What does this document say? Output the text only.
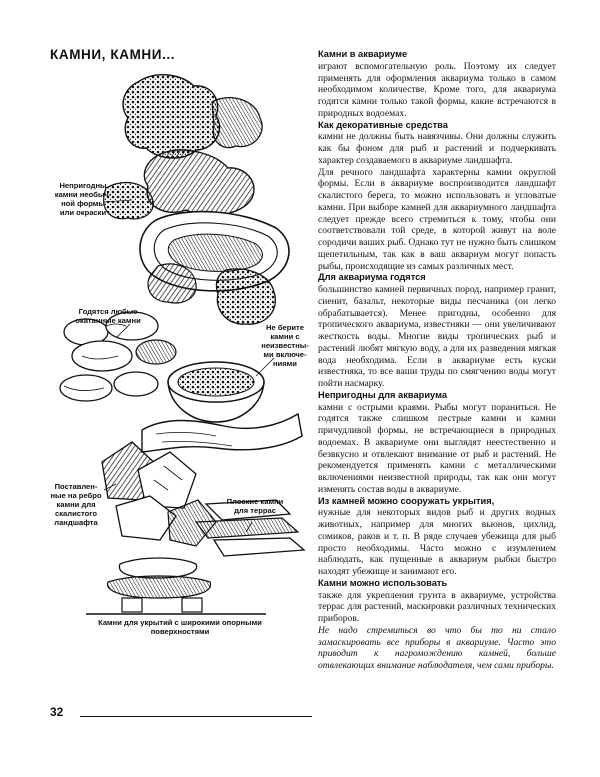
КАМНИ, КАМНИ...
Непригодны
камни необыч-
ной формы
или окраски
Годятся любые
окатанные камни
Не берите
камни с
неизвестны-
ми включе-
ниями
Поставлен-
ные на ребро
камни для
скалистого
ландшафта
Плоские камни
для террас
Камни для укрытий с широкими опорными
поверхностями

Камни в аквариуме

играют вспомогательную роль. Поэтому их следует применять для оформления аквариума только в самом необходимом количестве. Кроме того, для аквариума годятся камни только такой формы, какие встречаются в природных водоемах.

Как декоративные средства

камни не должны быть навязчивы. Они должны служить как бы фоном для рыб и растений и подчеркивать характер создаваемого в аквариуме ландшафта.

Для речного ландшафта характерны камни округлой формы. Если в аквариуме воспроизводится ландшафт скалистого берега, то можно использовать и угловатые камни. При выборе камней для аквариумного ландшафта следует прежде всего стремиться к тому, чтобы они соответствовали той среде, в которой живут на воле сородичи ваших рыб. Однако тут не нужно быть слишком щепетильным, так как в ваш аквариум могут попасть рыбы, происходящие из самых различных мест.

Для аквариума годятся

большинство камней первичных пород, например гранит, сиенит, базальт, некоторые виды песчаника (он легко обрабатывается). Менее пригодны, особенно для тропического аквариума, известняки — они увеличивают жесткость воды. Многие виды тропических рыб и растений любят мягкую воду, а для их разведения мягкая вода необходима. Если в аквариуме есть куски известняка, то все ваши труды по смягчению воды могут пойти насмарку.

Непригодны для аквариума

камни с острыми краями. Рыбы могут пораниться. Не годятся также слишком пестрые камни и камни причудливой формы, не встречающиеся в природных водоемах. В аквариуме они выглядят неестественно и безвкусно и отвлекают внимание от рыб и растений. Не рекомендуется применять камни с металлическими включениями неизвестной природы, так как они могут изменять состав воды в аквариуме.

Из камней можно сооружать укрытия,

нужные для некоторых видов рыб и других водных животных, например для многих вьюнов, цихлид, сомиков, раков и т. п. В ряде случаев убежища для рыб просто необходимы. Часто можно с изумлением наблюдать, как пущенные в аквариум рыбки быстро находят убежище и занимают его.

Камни можно использовать

также для укрепления грунта в аквариуме, устройства террас для растений, маскировки различных технических приборов.

Не надо стремиться во что бы то ни стало замаскировать все приборы в аквариуме. Часто это приводит к нагромождению камней, больше отвлекающих внимание наблюдателя, чем сами приборы.

32
